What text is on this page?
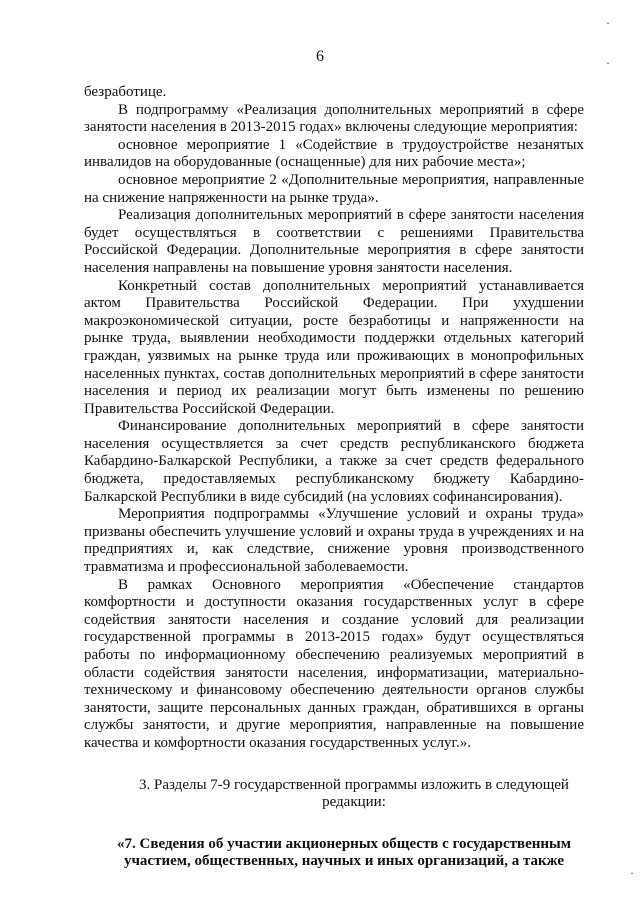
6
·
·
·

безработице.

В подпрограмму «Реализация дополнительных мероприятий в сфере занятости населения в 2013-2015 годах» включены следующие мероприятия:

основное мероприятие 1 «Содействие в трудоустройстве незанятых инвалидов на оборудованные (оснащенные) для них рабочие места»;

основное мероприятие 2 «Дополнительные мероприятия, направленные на снижение напряженности на рынке труда».

Реализация дополнительных мероприятий в сфере занятости населения будет осуществляться в соответствии с решениями Правительства Российской Федерации. Дополнительные мероприятия в сфере занятости населения направлены на повышение уровня занятости населения.

Конкретный состав дополнительных мероприятий устанавливается актом Правительства Российской Федерации. При ухудшении макроэкономической ситуации, росте безработицы и напряженности на рынке труда, выявлении необходимости поддержки отдельных категорий граждан, уязвимых на рынке труда или проживающих в монопрофильных населенных пунктах, состав дополнительных мероприятий в сфере занятости населения и период их реализации могут быть изменены по решению Правительства Российской Федерации.

Финансирование дополнительных мероприятий в сфере занятости населения осуществляется за счет средств республиканского бюджета Кабардино-Балкарской Республики, а также за счет средств федерального бюджета, предоставляемых республиканскому бюджету Кабардино-Балкарской Республики в виде субсидий (на условиях софинансирования).

Мероприятия подпрограммы «Улучшение условий и охраны труда» призваны обеспечить улучшение условий и охраны труда в учреждениях и на предприятиях и, как следствие, снижение уровня производственного травматизма и профессиональной заболеваемости.

В рамках Основного мероприятия «Обеспечение стандартов комфортности и доступности оказания государственных услуг в сфере содействия занятости населения и создание условий для реализации государственной программы в 2013-2015 годах» будут осуществляться работы по информационному обеспечению реализуемых мероприятий в области содействия занятости населения, информатизации, материально-техническому и финансовому обеспечению деятельности органов службы занятости, защите персональных данных граждан, обратившихся в органы службы занятости, и другие мероприятия, направленные на повышение качества и комфортности оказания государственных услуг.».

3. Разделы 7-9 государственной программы изложить в следующей редакции:

«7. Сведения об участии акционерных обществ с государственным участием, общественных, научных и иных организаций, а также
